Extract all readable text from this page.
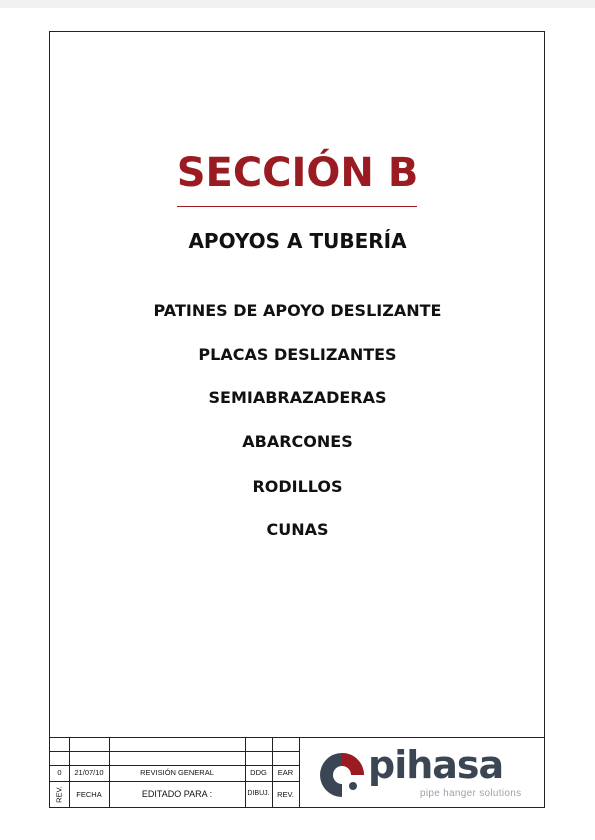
SECCIÓN B
APOYOS A TUBERÍA
PATINES DE APOYO DESLIZANTE
PLACAS DESLIZANTES
SEMIABRAZADERAS
ABARCONES
RODILLOS
CUNAS
0	21/07/10	REVISIÓN GENERAL	DDG	EAR
REV.	FECHA	EDITADO PARA :	DIBUJ.	REV.
pihasa
pipe hanger solutions
